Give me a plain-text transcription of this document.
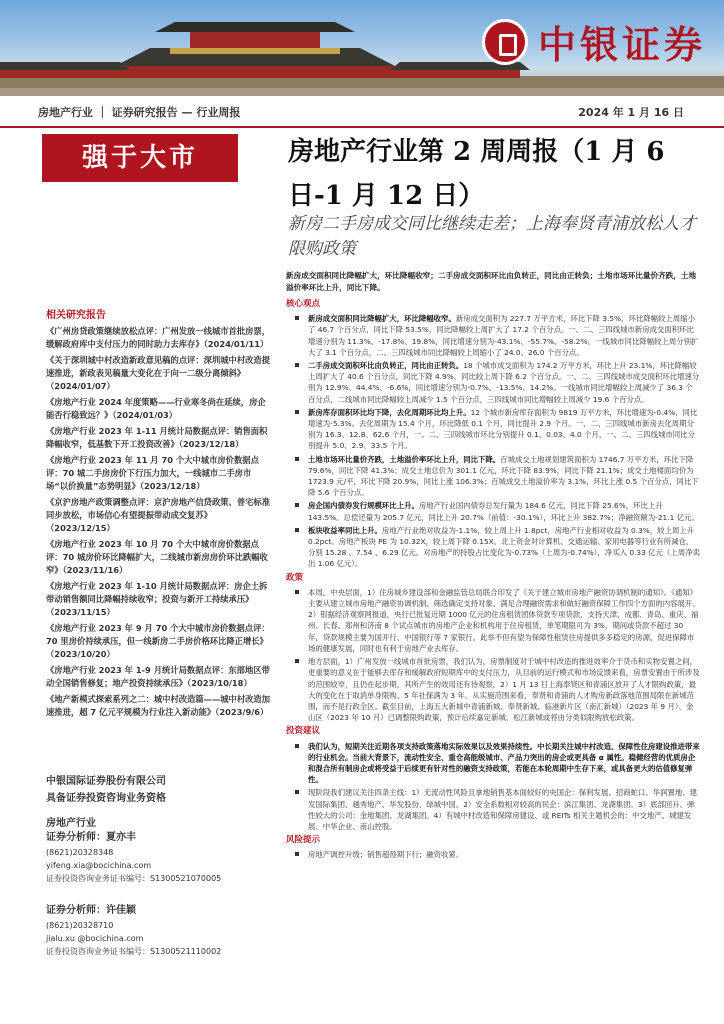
中银证券
房地产行业 ｜ 证券研究报告 — 行业周报	2024 年 1 月 16 日
强于大市	房地产行业第 2 周周报（1 月 6 日-1 月 12 日）
新房二手房成交同比继续走差；上海奉贤青浦放松人才限购政策
新房成交面积同比降幅扩大，环比降幅收窄；二手房成交面积环比由负转正，同比由正转负；土地市场环比量价齐跌，土地溢价率环比上升，同比下降。
相关研究报告
《广州房贷政策继续放松点评：广州发放一线城市首批房票，缓解政府库中支付压力的同时助力去库存》（2024/01/11）
《关于深圳城中村改造新政意见稿的点评：深圳城中村改造提速推进，新政表见稿量大变化在于向一二级分离倾斜》（2024/01/07）
《房地产行业 2024 年度策略——行业寒冬尚在延续，房企能否行稳致远？》（2024/01/03）
《房地产行业 2023 年 1-11 月统计局数据点评：销售面积降幅收窄，低基数下开工投资改善》（2023/12/18）
《房地产行业 2023 年 11 月 70 个大中城市房价数据点评：70 城二手房房价下行压力加大，一线城市二手房市场“以价换量”态势明显》（2023/12/18）
《京沪房地产政策调整点评：京沪房地产信贷政策、普宅标准同步放松，市场信心有望提振带动成交复苏》（2023/12/15）
《房地产行业 2023 年 10 月 70 个大中城市房价数据点评：70 城房价环比降幅扩大，二线城市新房房价环比跌幅收窄》（2023/11/16）
《房地产行业 2023 年 1-10 月统计局数据点评：房企土拆带动销售额同比降幅持续收窄；投资与新开工持续承压》（2023/11/15）
《房地产行业 2023 年 9 月 70 个大中城市房价数据点评：70 里房价持续承压，但一线新房二手房价格环比降正增长》（2023/10/20）
《房地产行业 2023 年 1-9 月统计局数据点评：东部地区带动全国销售修复；地产投资持续承压》（2023/10/18）
《地产新模式探索系列之二：城中村改造篇——城中村改造加速推进，超 7 亿元平规模为行业注入新动能》（2023/9/6）
中银国际证券股份有限公司
具备证券投资咨询业务资格
房地产行业
证券分析师：夏亦丰
(8621)20328348
yifeng.xia@bocichina.com
证券投资咨询业务证书编号：S1300521070005
证券分析师：许佳颖
(8621)20328710
jialu.xu @bocichina.com
证券投资咨询业务证书编号：S1300521110002
核心观点
新房成交面积同比降幅扩大，环比降幅收窄。新房成交面积为 227.7 万平方米，环比下降 3.5%，环比降幅较上周缩小了 46.7 个百分点，同比下降 53.5%，同比降幅较上周扩大了 17.2 个百分点。一、二、三四线城市新房成交面积环比增速分别为 11.3%、-17.8%、19.8%，同比增速分别为-43.1%、-55.7%、-58.2%。一线城市同比降幅较上周分别扩大了 3.1 个百分点，二、三四线城市同比降幅较上周缩小了 24.0、26.0 个百分点。
二手房成交面积环比由负转正，同比由正转负。18 个城市成交面积为 174.2 万平方米，环比上升 23.1%，环比降幅较上周扩大了 40.6 个百分点，同比下降 4.9%，同比较上周下降 6.2 个百分点。一、二、三四线城市成交面积环比增速分别为 12.9%、44.4%、-6.6%，同比增速分别为-0.7%、-13.5%、14.2%。一线城市同比增幅较上周减少了 36.3 个百分点，二线城市同比降幅较上周减少 1.5 个百分点，三四线城市同比增幅较上周减少 19.6 个百分点。
新房库存面积环比均下降，去化周期环比均上升。12 个城市新房库存面积为 9819 万平方米，环比增速为-0.4%，同比增速为-5.3%。去化周期为 15.4 个月，环比降低 0.1 个月，同比提升 2.9 个月。一、二、三四线城市新房去化周期分别为 16.3、12.8、62.6 个月，一、二、三四线城市环比分别提升 0.1、0.03、4.0 个月，一、二、三四线城市同比分别提升 5.0、2.9、33.5 个月。
土地市场环比量价齐跌，土地溢价率环比上升，同比下降。百城成交土地规划建筑面积为 1746.7 万平方米，环比下降 79.6%，同比下降 41.3%；成交土地总价为 301.1 亿元，环比下降 83.9%，同比下降 21.1%；成交土地楼面均价为 1723.9 元/平，环比下降 20.9%，同比上涨 106.3%；百城成交土地溢价率为 3.1%，环比上涨 0.5 个百分点，同比下降 5.6 个百分点。
房企国内债券发行规模环比上升。房地产行业国内债券总发行量为 184.6 亿元，同比下降 25.6%，环比上升 143.5%。总偿还量为 205.7 亿元，同比上升 20.7%（前值：-30.1%），环比上升 382.7%；净融资额为-21.1 亿元。
板块收益率同比上升。房地产行业绝对收益为-1.1%，较上周上升 1.8pct，房地产行业相对收益为 0.3%，较上周上升 0.2pct。房地产板块 PE 为 10.32X，较上周下降 0.15X。北上资金对计算机、交通运输、家用电器等行业有所减仓，分别 15.28 、7.54 、6.29 亿元。对房地产的持股占比变化为-0.73%（上周为-0.74%），净买入 0.33 亿元（上周净卖出 1.06 亿元）。
政策
本周，中央层面，1）住房城乡建设部和金融监管总局联合印发了《关于建立城市房地产融资协调机制的通知》。《通知》主要从建立城市房地产融资协调机制、筛选确定支持对象、满足合理融资需求和做好融资保障工作四个方面的内容展开。2）银据经济观察网报道，央行已批复近期 1000 亿元的住房租赁团体贷款专项贷款，支持天津、成都、青岛、重庆、福州、长春、郑州和济南 8 个试点城市的房地产企业和机构用于住房租赁，单笔期限可为 3%，期间或贷款不超过 30 年，贷款规模主要为国开行、中国银行等 7 家银行。此举不但有望为保障性租赁住房提供多多稳定的房源，促进保障市场的健康发展，同时也有利于房地产业去库存。
地方层面，1）广州发放一线城市首批房票，我们认为，房票制度对于城中村改造的推进效率介于货币和实物安置之间，更重要的意义在于能够去库存和缓解政府短期库中的支付压力，从目前的运行模式和市场反馈来看，房票安置由于所涉及的范围较窄，且仍在起步期，其所产生的效用还有待观察。2）1 月 13 日上海奉贤区和青浦区放开了人才限购政策，最大的变化在于取消单身限购、5 年社保满为 3 年。从实施范围来看，奉贤和青浦的人才购房新政落地范围局限在新城范围，而不是行政全区。截至目前，上海五大新城中青浦新城、奉贤新城、临港新片区（南汇新城）（2023 年 9 月）、金山区（2023 年 10 月）已调整限购政策，预计后续嘉定新城、松江新城或将由分类似限购放松政策。
投资建议
我们认为，短期关注近期各项支持政策落地实际效果以及效果持续性。中长期关注城中村改造、保障性住房建设推进带来的行业机会。当前大背景下，流动性安全、重仓高能级城市、产品力突出的房企或更具备 α 属性。稳健经营的优质房企和混合所有制房企或将受益于后续更有针对性的融资支持政策，若能在本轮周期中生存下来，或具备更大的估值修复弹性。
现阶段我们建议关注四条主线：1）无流动性风险且拿地销售基本面较好的央国企：保利发展、招商蛇口、华润置地、建发国际集团、越秀地产、华发股份、绿城中国。2）安全系数相对较高的民企：滨江集团、龙湖集团。3）底部回升、弹性较大的公司：金地集团、龙湖集团。4）有城中村改造和保障房建设、或 REITs 相关主题机会的：中交地产、城建发展、中华企业、南山控股。
风险提示
房地产调控升级；销售超预期下行；融资收紧。
